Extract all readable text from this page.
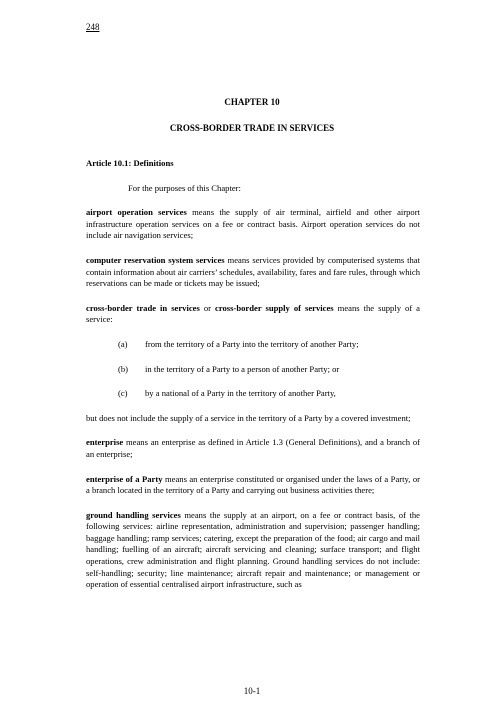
248
CHAPTER 10
CROSS-BORDER TRADE IN SERVICES
Article 10.1: Definitions
For the purposes of this Chapter:

airport operation services means the supply of air terminal, airfield and other airport infrastructure operation services on a fee or contract basis. Airport operation services do not include air navigation services;

computer reservation system services means services provided by computerised systems that contain information about air carriers’ schedules, availability, fares and fare rules, through which reservations can be made or tickets may be issued;

cross-border trade in services or cross-border supply of services means the supply of a service:

(a) from the territory of a Party into the territory of another Party;
(b) in the territory of a Party to a person of another Party; or
(c) by a national of a Party in the territory of another Party,

but does not include the supply of a service in the territory of a Party by a covered investment;

enterprise means an enterprise as defined in Article 1.3 (General Definitions), and a branch of an enterprise;

enterprise of a Party means an enterprise constituted or organised under the laws of a Party, or a branch located in the territory of a Party and carrying out business activities there;

ground handling services means the supply at an airport, on a fee or contract basis, of the following services: airline representation, administration and supervision; passenger handling; baggage handling; ramp services; catering, except the preparation of the food; air cargo and mail handling; fuelling of an aircraft; aircraft servicing and cleaning; surface transport; and flight operations, crew administration and flight planning. Ground handling services do not include: self-handling; security; line maintenance; aircraft repair and maintenance; or management or operation of essential centralised airport infrastructure, such as

10-1
